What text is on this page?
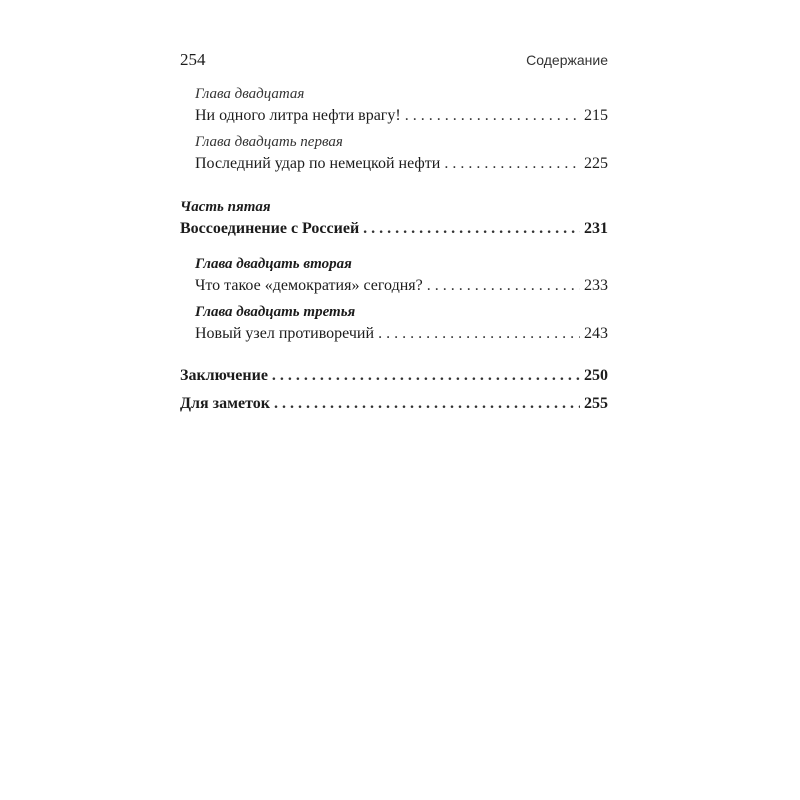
254	Содержание
Глава двадцатая
Ни одного литра нефти врагу! .....	215
Глава двадцать первая
Последний удар по немецкой нефти .....	225
Часть пятая
Воссоединение с Россией .....	231
Глава двадцать вторая
Что такое «демократия» сегодня? .....	233
Глава двадцать третья
Новый узел противоречий .....	243
Заключение .....	250
Для заметок .....	255
